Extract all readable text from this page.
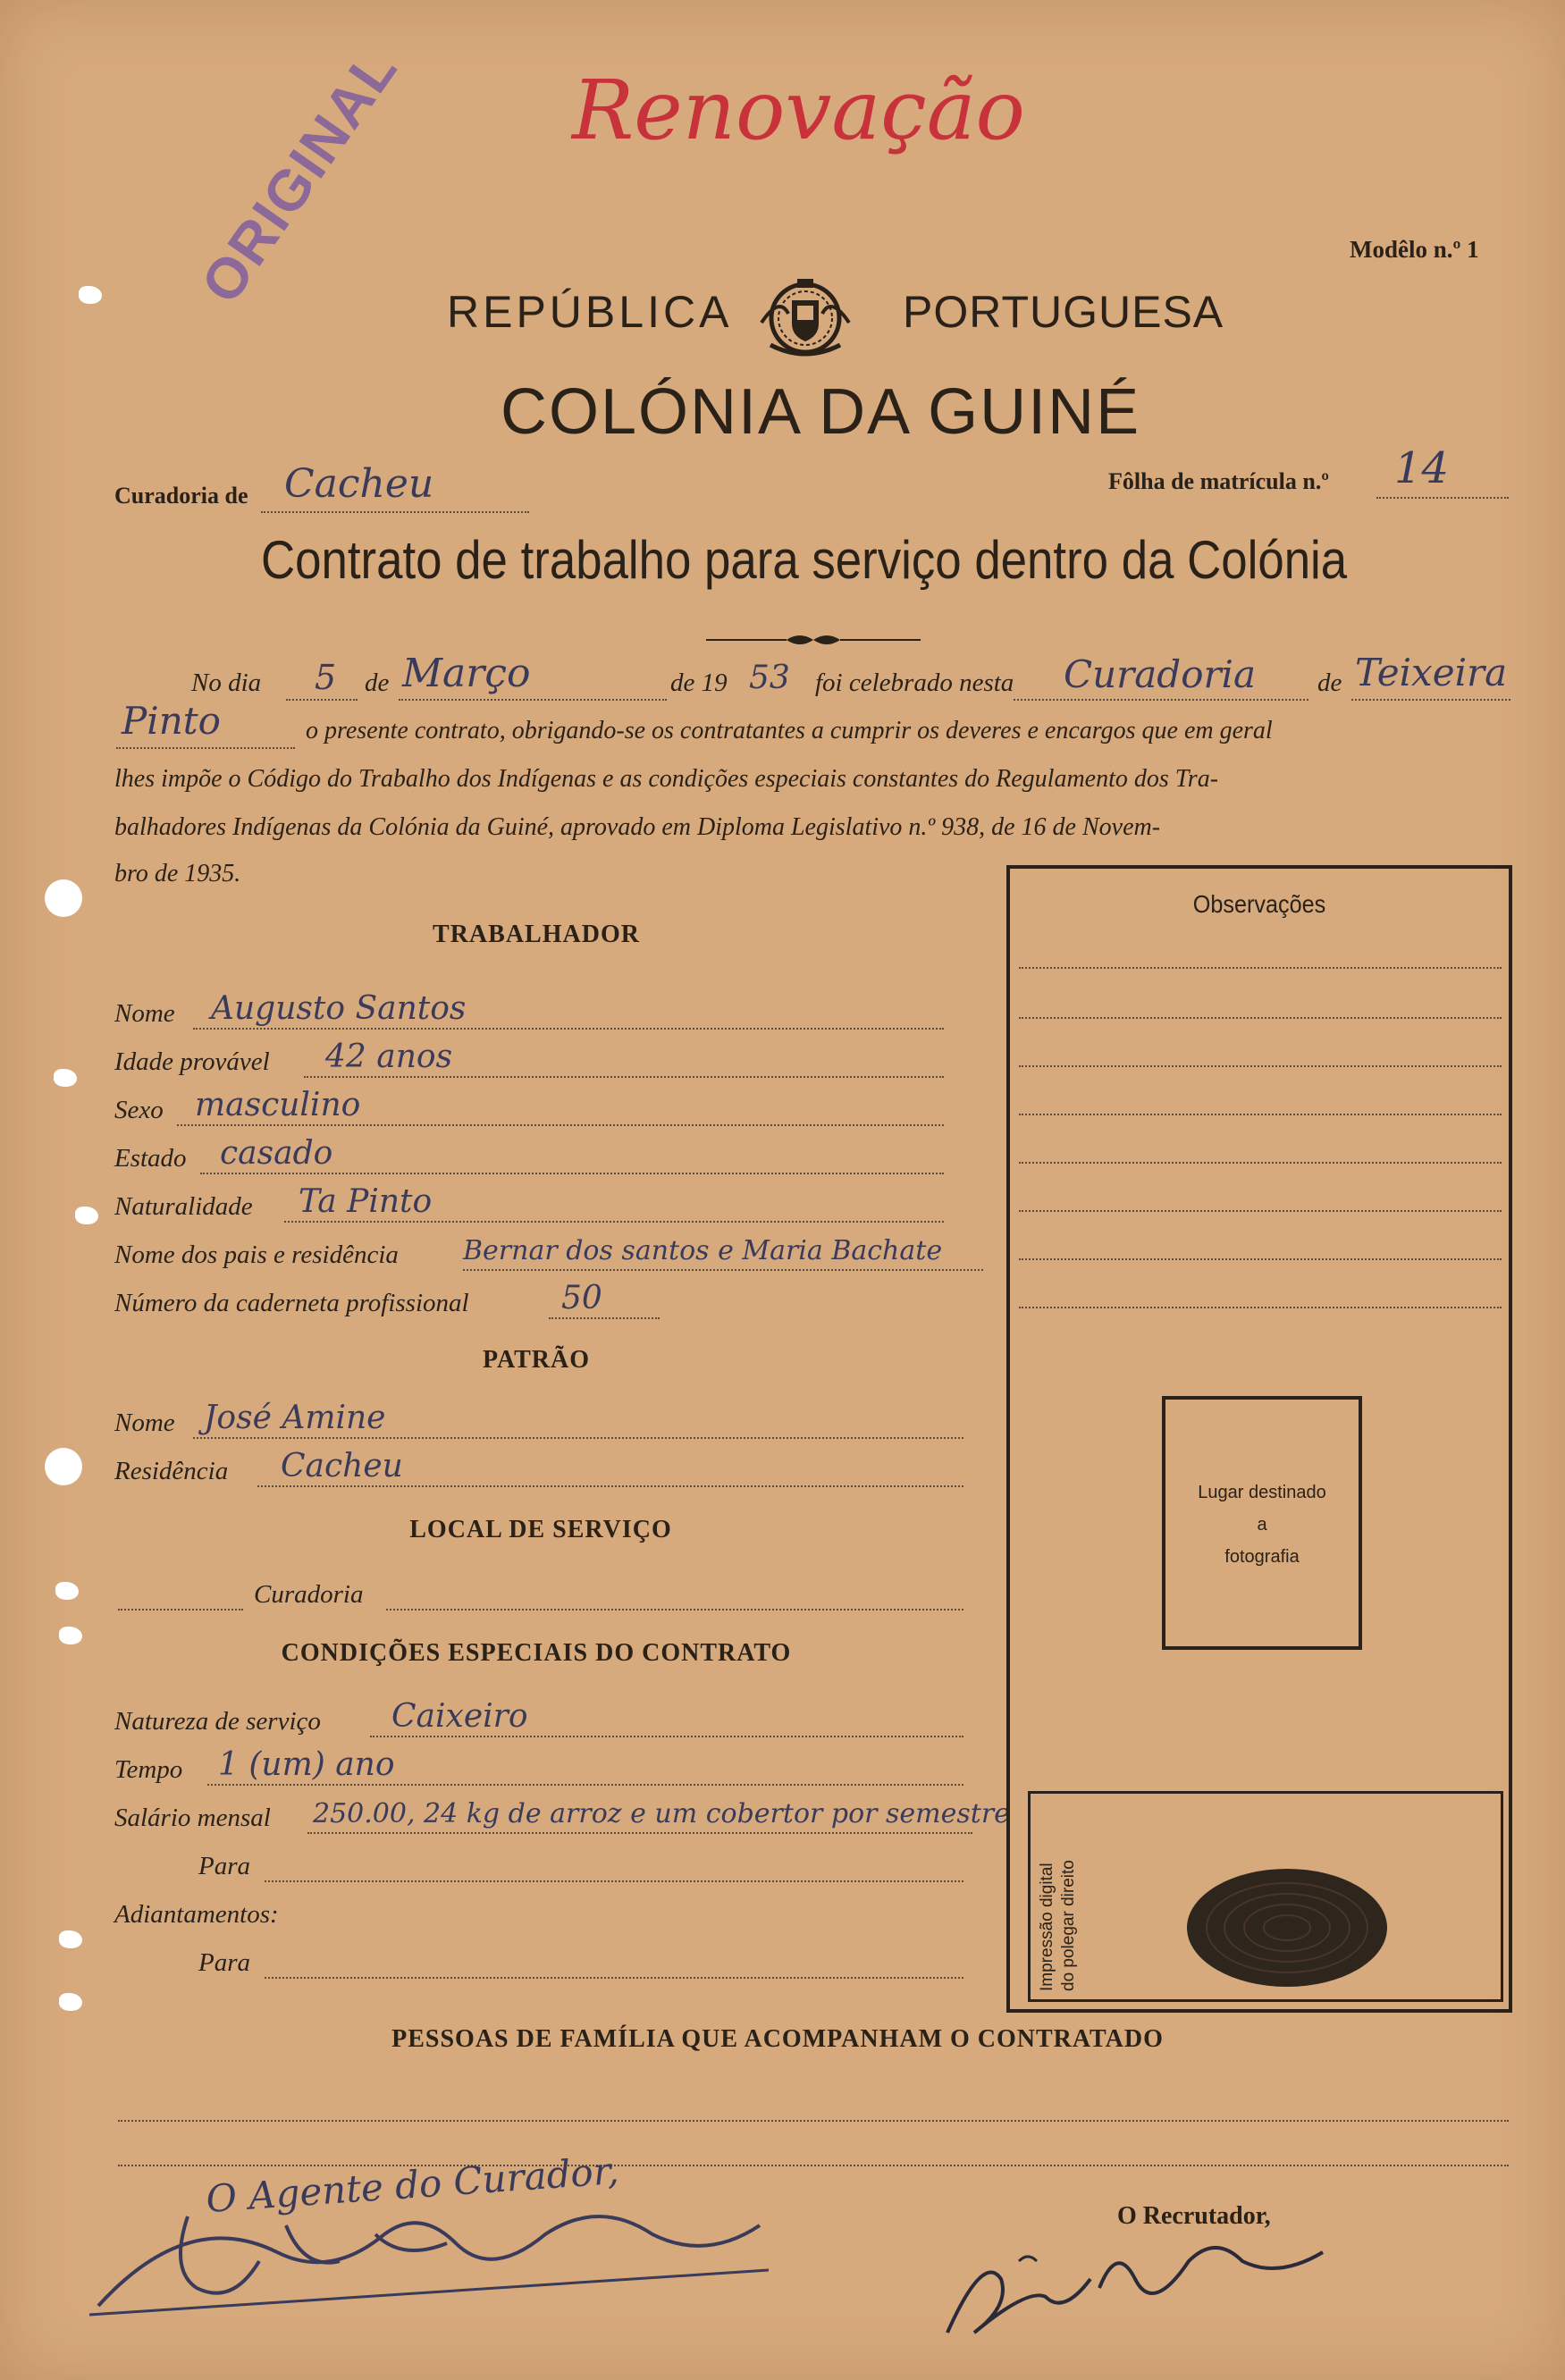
Renovação
ORIGINAL	Modêlo n.º 1
REPÚBLICA	PORTUGUESA
COLÓNIA DA GUINÉ
Curadoria de Cacheu	Fôlha de matrícula n.º 14
Contrato de trabalho para serviço dentro da Colónia
No dia 5 de Março	de 19 53 foi celebrado nesta Curadoria de Teixeira
Pinto	o presente contrato, obrigando-se os contratantes a cumprir os deveres e encargos que em geral
lhes impõe o Código do Trabalho dos Indígenas e as condições especiais constantes do Regulamento dos Tra-
balhadores Indígenas da Colónia da Guiné, aprovado em Diploma Legislativo n.º 938, de 16 de Novem-
bro de 1935.
TRABALHADOR
Nome Augusto Santos
Idade provável 42 anos
Sexo masculino
Estado casado
Naturalidade Ta Pinto
Nome dos pais e residência Bernar dos santos e Maria Bachate
Número da caderneta profissional	50
PATRÃO
Nome José Amine
Residência Cacheu
LOCAL DE SERVIÇO
Curadoria
CONDIÇÕES ESPECIAIS DO CONTRATO
Natureza de serviço Caixeiro
Tempo 1 (um) ano
Salário mensal 250.00, 24 kg de arroz e um cobertor por semestre
Para
Adiantamentos:
Para
Observações
Lugar destinado
a
fotografia
Impressão digital do polegar direito
PESSOAS DE FAMÍLIA QUE ACOMPANHAM O CONTRATADO
O Agente do Curador,	O Recrutador,
